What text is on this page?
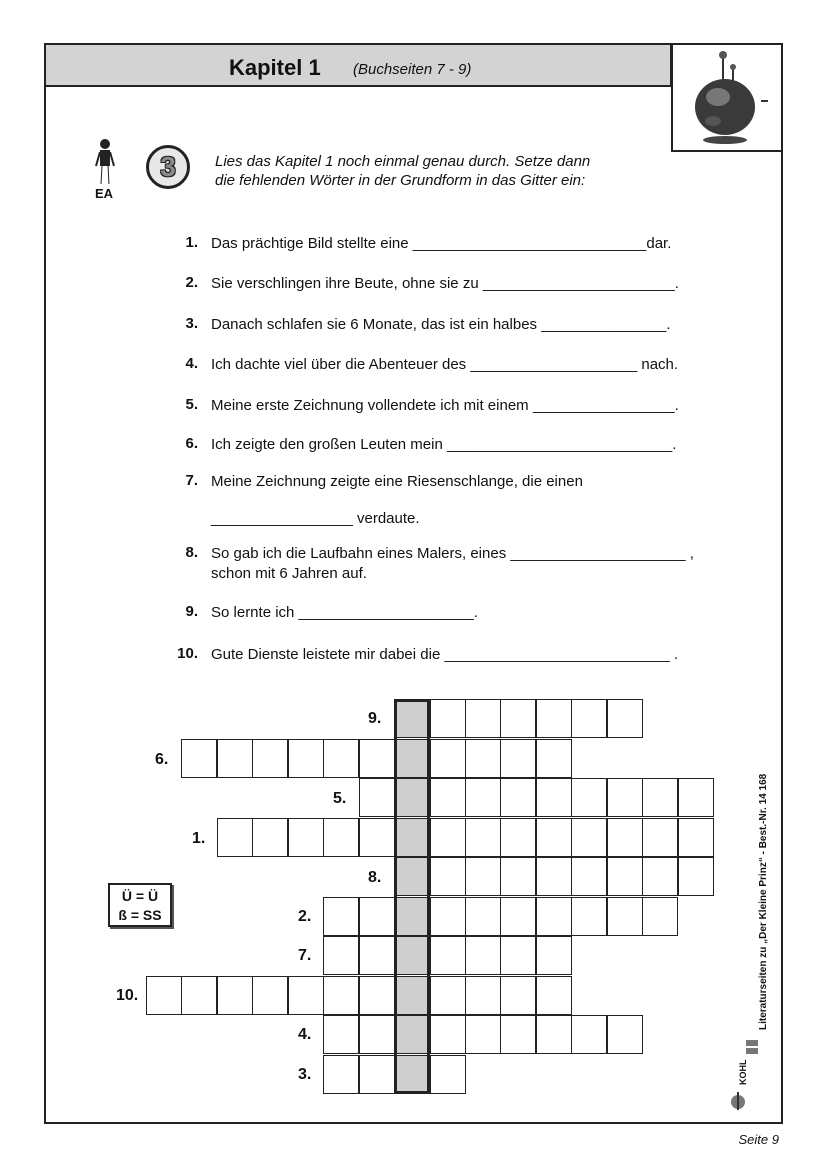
Kapitel 1 (Buchseiten 7 - 9)
EA
3	Lies das Kapitel 1 noch einmal genau durch. Setze dann
die fehlenden Wörter in der Grundform in das Gitter ein:
1. Das prächtige Bild stellte eine ____________________________dar.
2. Sie verschlingen ihre Beute, ohne sie zu _______________________.
3. Danach schlafen sie 6 Monate, das ist ein halbes _______________.
4. Ich dachte viel über die Abenteuer des ____________________ nach.
5. Meine erste Zeichnung vollendete ich mit einem _________________.
6. Ich zeigte den großen Leuten mein ___________________________.
7. Meine Zeichnung zeigte eine Riesenschlange, die einen
_________________ verdaute.
8. So gab ich die Laufbahn eines Malers, eines _____________________ ,
schon mit 6 Jahren auf.
9. So lernte ich _____________________.
10. Gute Dienste leistete mir dabei die ___________________________ .
9.
6.
5.
1.
8.
2.
7.
10.
4.
3.
Ü = Ü
ß = SS	Literaturseiten zu „Der Kleine Prinz“ - Best.-Nr. 14 168
KOHL
Seite 9
